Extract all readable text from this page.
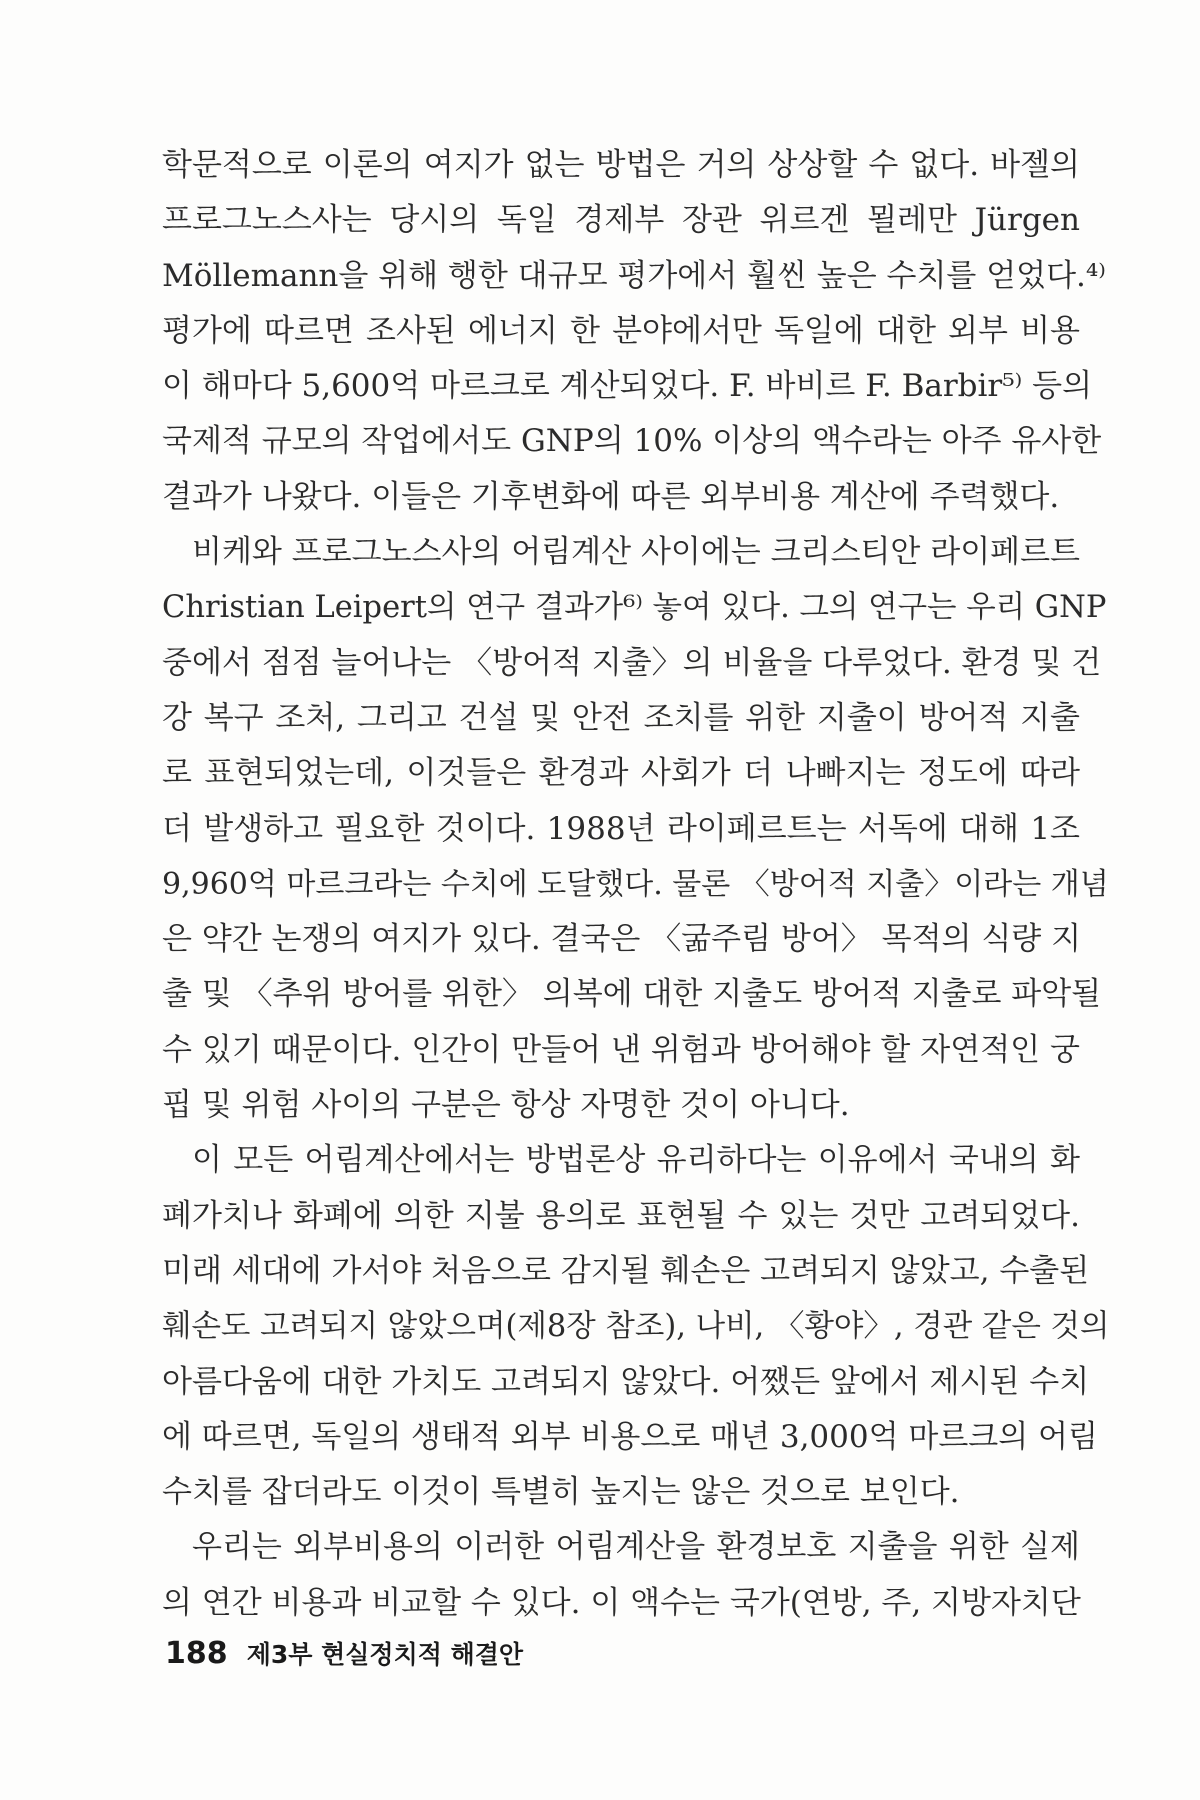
학문적으로 이론의 여지가 없는 방법은 거의 상상할 수 없다. 바젤의
프로그노스사는 당시의 독일 경제부 장관 위르겐 묄레만 Jürgen
Möllemann을 위해 행한 대규모 평가에서 훨씬 높은 수치를 얻었다.⁴⁾
평가에 따르면 조사된 에너지 한 분야에서만 독일에 대한 외부 비용
이 해마다 5,600억 마르크로 계산되었다. F. 바비르 F. Barbir⁵⁾ 등의
국제적 규모의 작업에서도 GNP의 10% 이상의 액수라는 아주 유사한
결과가 나왔다. 이들은 기후변화에 따른 외부비용 계산에 주력했다.
비케와 프로그노스사의 어림계산 사이에는 크리스티안 라이페르트
Christian Leipert의 연구 결과가⁶⁾ 놓여 있다. 그의 연구는 우리 GNP
중에서 점점 늘어나는 〈방어적 지출〉의 비율을 다루었다. 환경 및 건
강 복구 조처, 그리고 건설 및 안전 조치를 위한 지출이 방어적 지출
로 표현되었는데, 이것들은 환경과 사회가 더 나빠지는 정도에 따라
더 발생하고 필요한 것이다. 1988년 라이페르트는 서독에 대해 1조
9,960억 마르크라는 수치에 도달했다. 물론 〈방어적 지출〉이라는 개념
은 약간 논쟁의 여지가 있다. 결국은 〈굶주림 방어〉 목적의 식량 지
출 및 〈추위 방어를 위한〉 의복에 대한 지출도 방어적 지출로 파악될
수 있기 때문이다. 인간이 만들어 낸 위험과 방어해야 할 자연적인 궁
핍 및 위험 사이의 구분은 항상 자명한 것이 아니다.
이 모든 어림계산에서는 방법론상 유리하다는 이유에서 국내의 화
폐가치나 화폐에 의한 지불 용의로 표현될 수 있는 것만 고려되었다.
미래 세대에 가서야 처음으로 감지될 훼손은 고려되지 않았고, 수출된
훼손도 고려되지 않았으며(제8장 참조), 나비, 〈황야〉, 경관 같은 것의
아름다움에 대한 가치도 고려되지 않았다. 어쨌든 앞에서 제시된 수치
에 따르면, 독일의 생태적 외부 비용으로 매년 3,000억 마르크의 어림
수치를 잡더라도 이것이 특별히 높지는 않은 것으로 보인다.
우리는 외부비용의 이러한 어림계산을 환경보호 지출을 위한 실제
의 연간 비용과 비교할 수 있다. 이 액수는 국가(연방, 주, 지방자치단
188 제3부 현실정치적 해결안
